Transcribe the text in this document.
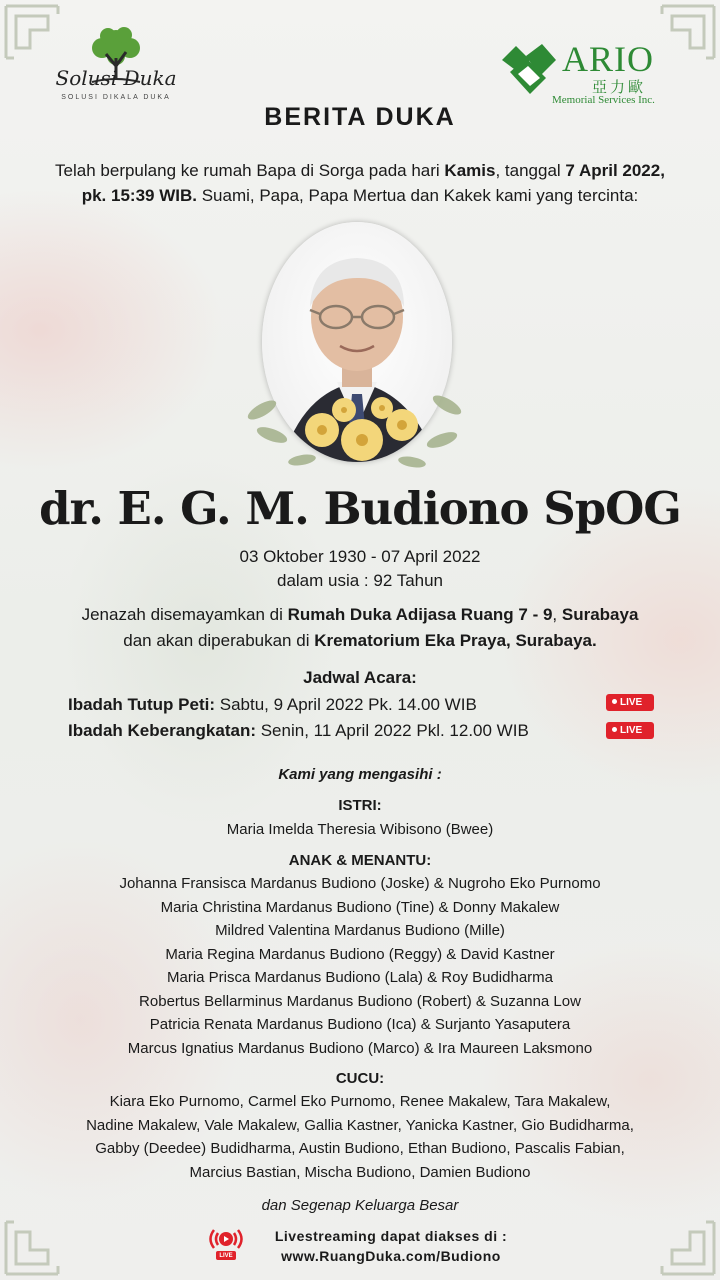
Solusi Duka
SOLUSI DIKALA DUKA
ARIO
亞力歐
Memorial Services Inc.
BERITA DUKA
Telah berpulang ke rumah Bapa di Sorga pada hari Kamis, tanggal 7 April 2022,
pk. 15:39 WIB. Suami, Papa, Papa Mertua dan Kakek kami yang tercinta:
dr. E. G. M. Budiono SpOG
03 Oktober 1930 - 07 April 2022
dalam usia : 92 Tahun
Jenazah disemayamkan di Rumah Duka Adijasa Ruang 7 - 9, Surabaya
dan akan diperabukan di Krematorium Eka Praya, Surabaya.
Jadwal Acara:
Ibadah Tutup Peti: Sabtu, 9 April 2022 Pk. 14.00 WIB	LIVE
Ibadah Keberangkatan: Senin, 11 April 2022 Pkl. 12.00 WIB	LIVE
Kami yang mengasihi :
ISTRI:
Maria Imelda Theresia Wibisono (Bwee)
ANAK & MENANTU:
Johanna Fransisca Mardanus Budiono (Joske) & Nugroho Eko Purnomo
Maria Christina Mardanus Budiono (Tine) & Donny Makalew
Mildred Valentina Mardanus Budiono (Mille)
Maria Regina Mardanus Budiono (Reggy) & David Kastner
Maria Prisca Mardanus Budiono (Lala) & Roy Budidharma
Robertus Bellarminus Mardanus Budiono (Robert) & Suzanna Low
Patricia Renata Mardanus Budiono (Ica) & Surjanto Yasaputera
Marcus Ignatius Mardanus Budiono (Marco) & Ira Maureen Laksmono
CUCU:
Kiara Eko Purnomo, Carmel Eko Purnomo, Renee Makalew, Tara Makalew,
Nadine Makalew, Vale Makalew, Gallia Kastner, Yanicka Kastner, Gio Budidharma,
Gabby (Deedee) Budidharma, Austin Budiono, Ethan Budiono, Pascalis Fabian,
Marcius Bastian, Mischa Budiono, Damien Budiono
dan Segenap Keluarga Besar
LIVE
Livestreaming dapat diakses di :
www.RuangDuka.com/Budiono
